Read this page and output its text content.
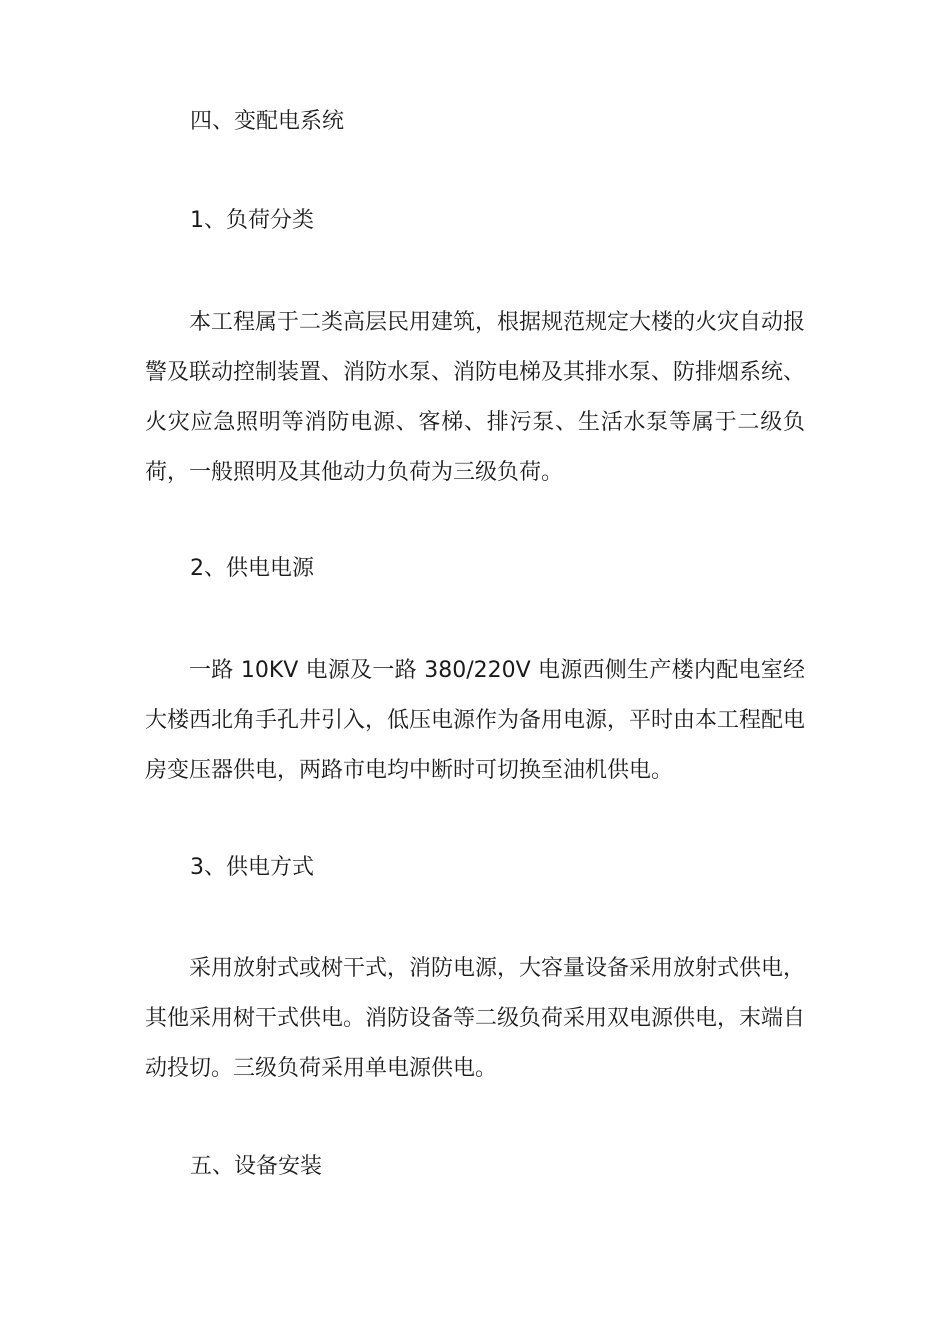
四、变配电系统
1、负荷分类
本工程属于二类高层民用建筑，根据规范规定大楼的火灾自动报警及联动控制装置、消防水泵、消防电梯及其排水泵、防排烟系统、火灾应急照明等消防电源、客梯、排污泵、生活水泵等属于二级负荷，一般照明及其他动力负荷为三级负荷。
2、供电电源
一路 10KV 电源及一路 380/220V 电源西侧生产楼内配电室经大楼西北角手孔井引入，低压电源作为备用电源，平时由本工程配电房变压器供电，两路市电均中断时可切换至油机供电。
3、供电方式
采用放射式或树干式，消防电源，大容量设备采用放射式供电，其他采用树干式供电。消防设备等二级负荷采用双电源供电，末端自动投切。三级负荷采用单电源供电。
五、设备安装
